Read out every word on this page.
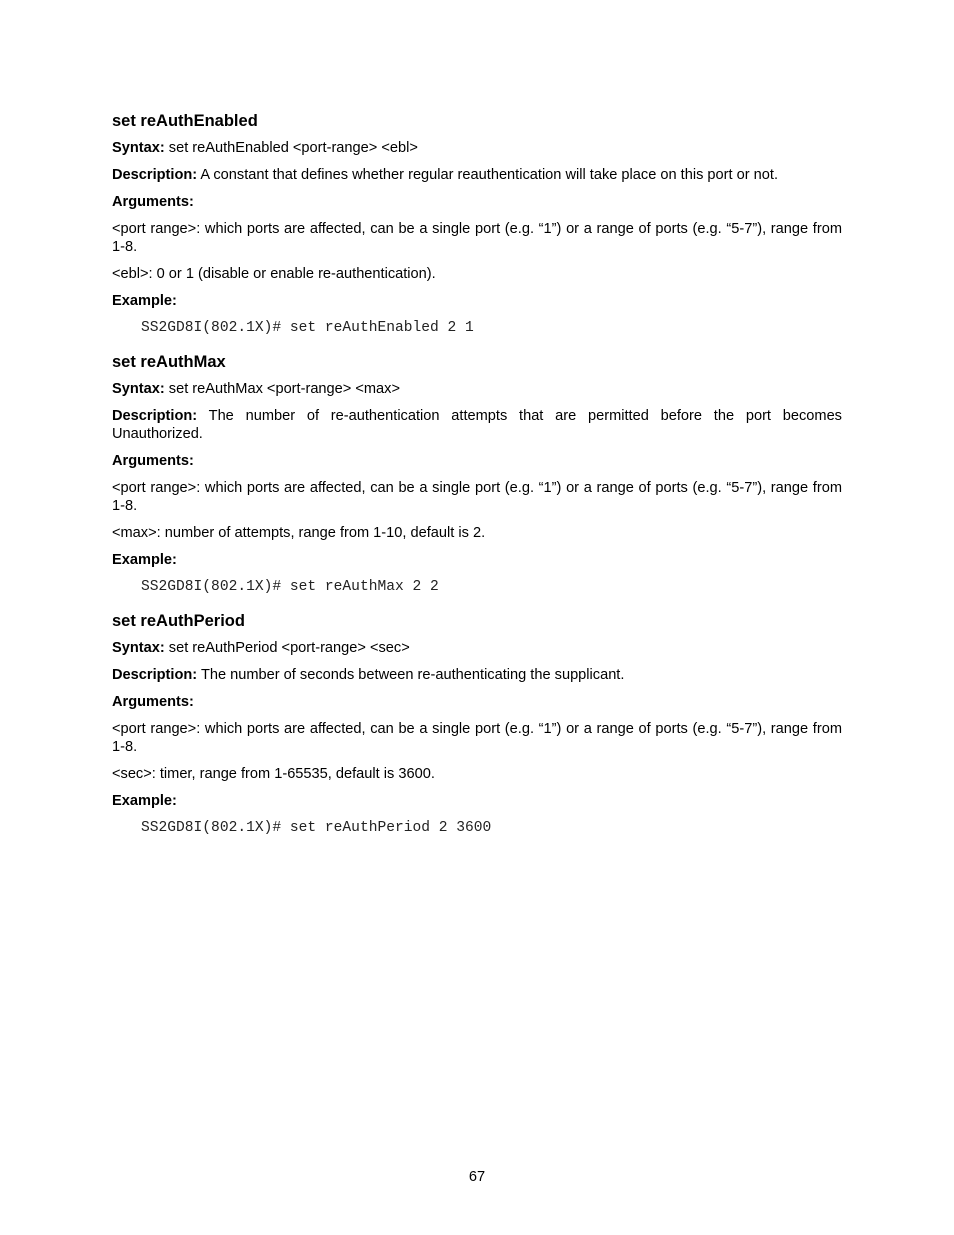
set reAuthEnabled

Syntax: set reAuthEnabled <port-range> <ebl>

Description: A constant that defines whether regular reauthentication will take place on this port or not.

Arguments:

<port range>: which ports are affected, can be a single port (e.g. “1”) or a range of ports (e.g. “5-7”), range from 1-8.

<ebl>: 0 or 1 (disable or enable re-authentication).

Example:
SS2GD8I(802.1X)# set reAuthEnabled 2 1
set reAuthMax

Syntax: set reAuthMax <port-range> <max>

Description: The number of re-authentication attempts that are permitted before the port becomes Unauthorized.

Arguments:

<port range>: which ports are affected, can be a single port (e.g. “1”) or a range of ports (e.g. “5-7”), range from 1-8.

<max>: number of attempts, range from 1-10, default is 2.

Example:
SS2GD8I(802.1X)# set reAuthMax 2 2
set reAuthPeriod

Syntax: set reAuthPeriod <port-range> <sec>

Description: The number of seconds between re-authenticating the supplicant.

Arguments:

<port range>: which ports are affected, can be a single port (e.g. “1”) or a range of ports (e.g. “5-7”), range from 1-8.

<sec>: timer, range from 1-65535, default is 3600.

Example:
SS2GD8I(802.1X)# set reAuthPeriod 2 3600
67
